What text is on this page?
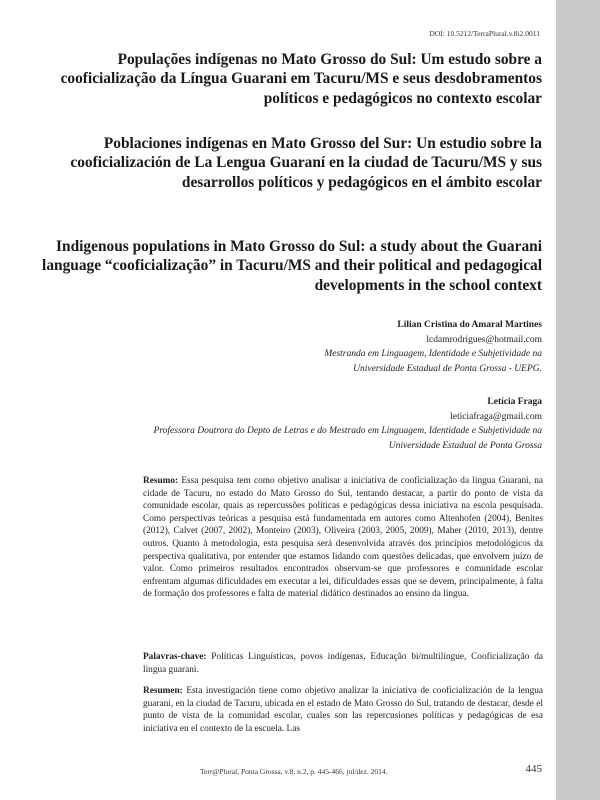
DOI: 10.5212/TerraPlural.v.8i2.0011
Populações indígenas no Mato Grosso do Sul: Um estudo sobre a cooficialização da Língua Guarani em Tacuru/MS e seus desdobramentos políticos e pedagógicos no contexto escolar
Poblaciones indígenas en Mato Grosso del Sur: Un estudio sobre la cooficialización de La Lengua Guaraní en la ciudad de Tacuru/MS y sus desarrollos políticos y pedagógicos en el ámbito escolar
Indigenous populations in Mato Grosso do Sul: a study about the Guarani language “cooficialização” in Tacuru/MS and their political and pedagogical developments in the school context
Lilian Cristina do Amaral Martines
lcdamrodrigues@hotmail.com
Mestranda em Linguagem, Identidade e Subjetividade na
Universidade Estadual de Ponta Grossa - UEPG.
Letícia Fraga
leticiafraga@gmail.com
Professora Doutrora do Depto de Letras e do Mestrado em Linguagem, Identidade e Subjetividade na
Universidade Estadual de Ponta Grossa

Resumo: Essa pesquisa tem como objetivo analisar a iniciativa de cooficialização da língua Guarani, na cidade de Tacuru, no estado do Mato Grosso do Sul, tentando destacar, a partir do ponto de vista da comunidade escolar, quais as repercussões políticas e pedagógicas dessa iniciativa na escola pesquisada. Como perspectivas teóricas a pesquisa está fundamentada em autores como Altenhofen (2004), Benites (2012), Calvet (2007, 2002), Monteiro (2003), Oliveira (2003, 2005, 2009), Maher (2010, 2013), dentre outros. Quanto à metodologia, esta pesquisa será desenvolvida através dos princípios metodológicos da perspectiva qualitativa, por entender que estamos lidando com questões delicadas, que envolvem juízo de valor. Como primeiros resultados encontrados observam-se que professores e comunidade escolar enfrentam algumas dificuldades em executar a lei, dificuldades essas que se devem, principalmente, à falta de formação dos professores e falta de material didático destinados ao ensino da língua.

Palavras-chave: Políticas Linguísticas, povos indígenas, Educação bi/multilíngue, Cooficialização da língua guarani.

Resumen: Esta investigación tiene como objetivo analizar la iniciativa de cooficialización de la lengua guaraní, en la ciudad de Tacuru, ubicada en el estado de Mato Grosso do Sul, tratando de destacar, desde el punto de vista de la comunidad escolar, cuales son las repercusiones políticas y pedagógicas de esa iniciativa en el contexto de la escuela. Las

Terr@Plural, Ponta Grossa, v.8, n.2, p. 445-466, jul/dez. 2014.	445
